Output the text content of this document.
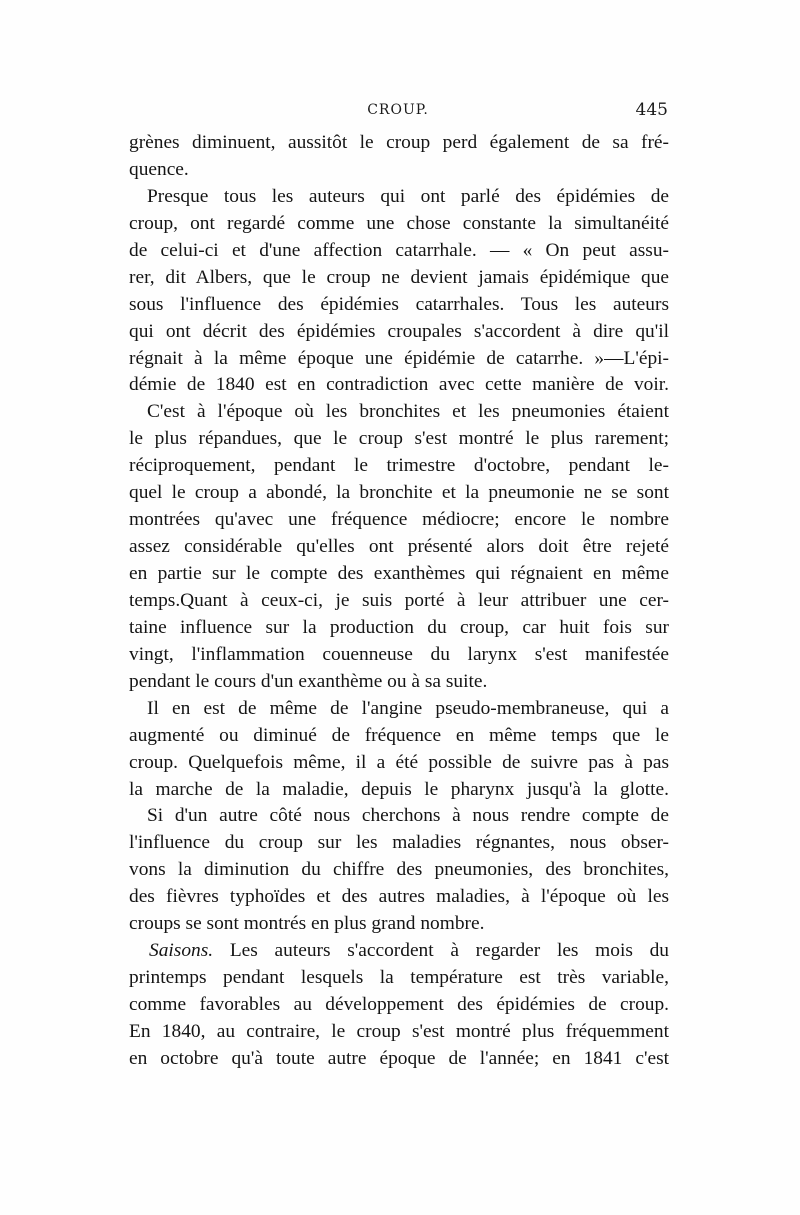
CROUP.	445
grènes diminuent, aussitôt le croup perd également de sa fré-
quence.
Presque tous les auteurs qui ont parlé des épidémies de
croup, ont regardé comme une chose constante la simultanéité
de celui-ci et d'une affection catarrhale. — « On peut assu-
rer, dit Albers, que le croup ne devient jamais épidémique que
sous l'influence des épidémies catarrhales. Tous les auteurs
qui ont décrit des épidémies croupales s'accordent à dire qu'il
régnait à la même époque une épidémie de catarrhe. »—L'épi-
démie de 1840 est en contradiction avec cette manière de voir.
C'est à l'époque où les bronchites et les pneumonies étaient
le plus répandues, que le croup s'est montré le plus rarement;
réciproquement, pendant le trimestre d'octobre, pendant le-
quel le croup a abondé, la bronchite et la pneumonie ne se sont
montrées qu'avec une fréquence médiocre; encore le nombre
assez considérable qu'elles ont présenté alors doit être rejeté
en partie sur le compte des exanthèmes qui régnaient en même
temps.Quant à ceux-ci, je suis porté à leur attribuer une cer-
taine influence sur la production du croup, car huit fois sur
vingt, l'inflammation couenneuse du larynx s'est manifestée
pendant le cours d'un exanthème ou à sa suite.
Il en est de même de l'angine pseudo-membraneuse, qui a
augmenté ou diminué de fréquence en même temps que le
croup. Quelquefois même, il a été possible de suivre pas à pas
la marche de la maladie, depuis le pharynx jusqu'à la glotte.
Si d'un autre côté nous cherchons à nous rendre compte de
l'influence du croup sur les maladies régnantes, nous obser-
vons la diminution du chiffre des pneumonies, des bronchites,
des fièvres typhoïdes et des autres maladies, à l'époque où les
croups se sont montrés en plus grand nombre.
Saisons. Les auteurs s'accordent à regarder les mois du
printemps pendant lesquels la température est très variable,
comme favorables au développement des épidémies de croup.
En 1840, au contraire, le croup s'est montré plus fréquemment
en octobre qu'à toute autre époque de l'année; en 1841 c'est
